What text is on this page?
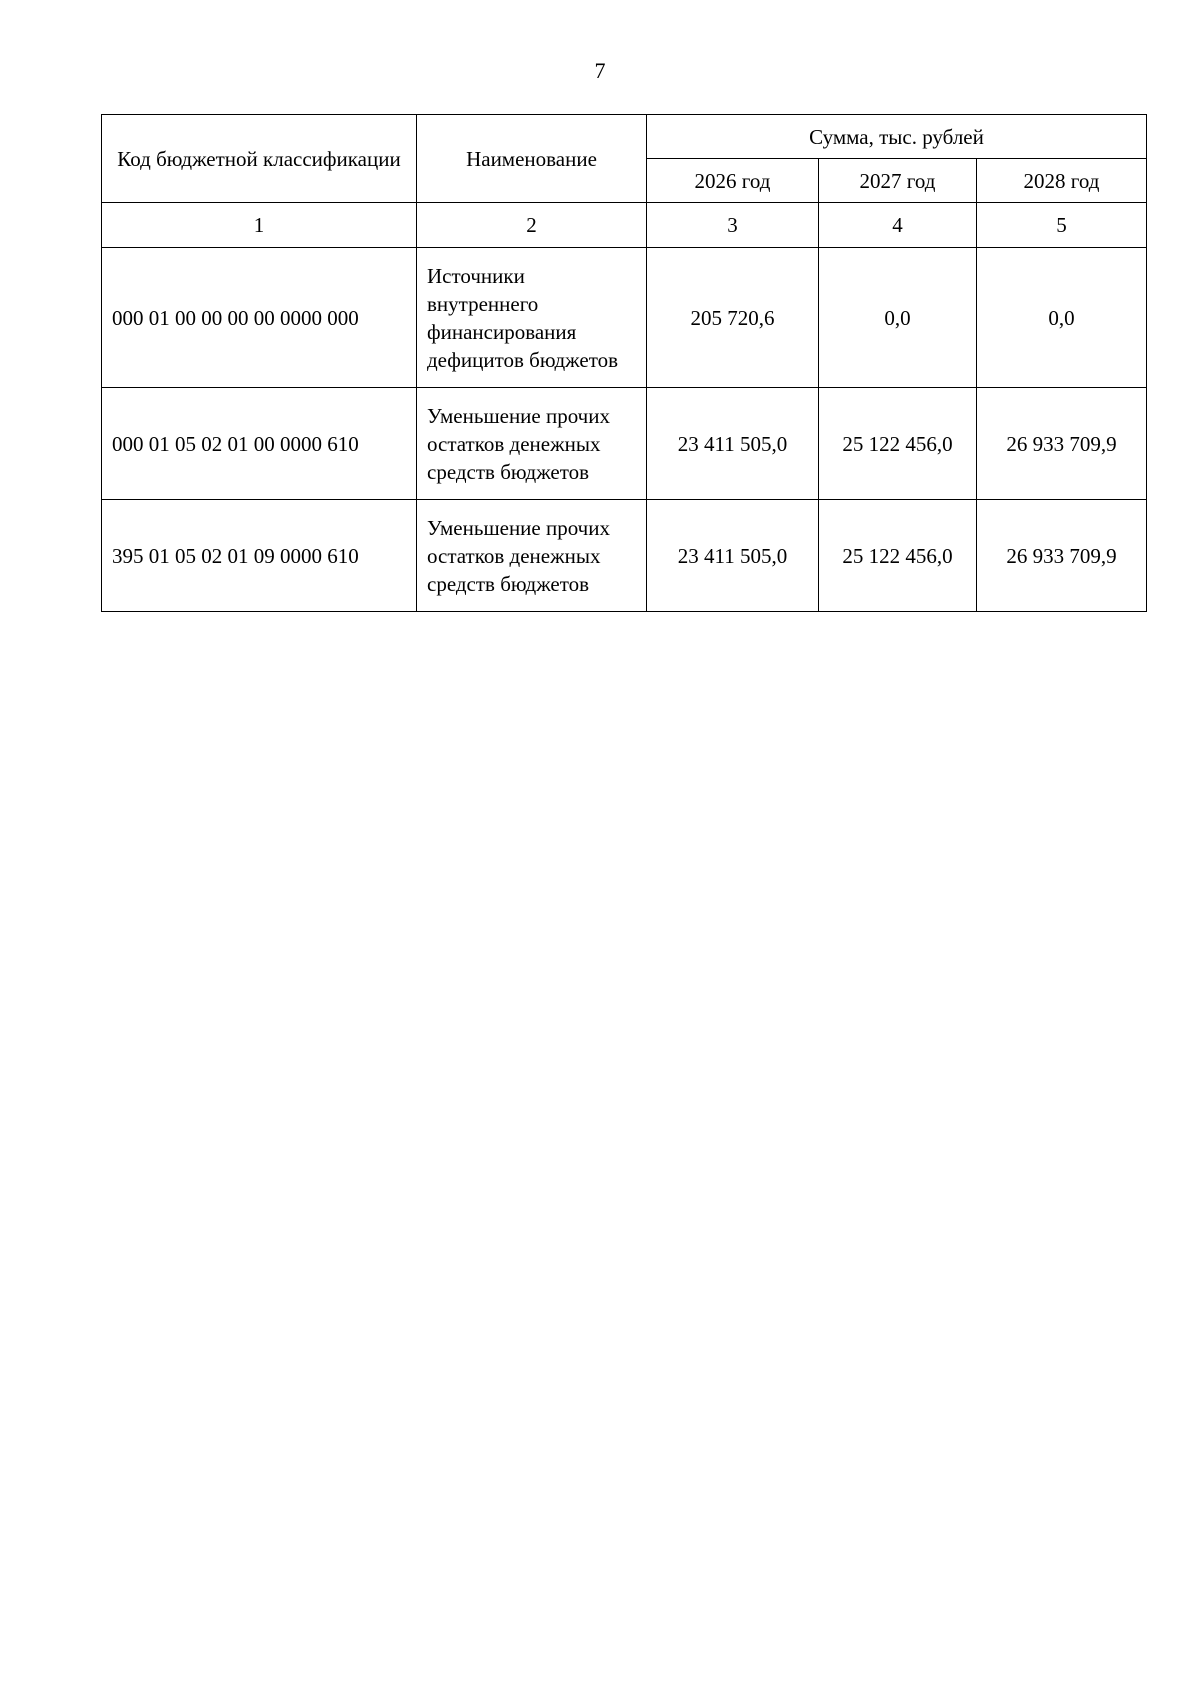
7
Код бюджетной классификации	Наименование	Сумма, тыс. рублей		
		2026 год	2027 год	2028 год
1	2	3	4	5
000 01 00 00 00 00 0000 000	Источники внутреннего финансирования дефицитов бюджетов	205 720,6	0,0	0,0
000 01 05 02 01 00 0000 610	Уменьшение прочих остатков денежных средств бюджетов	23 411 505,0	25 122 456,0	26 933 709,9
395 01 05 02 01 09 0000 610	Уменьшение прочих остатков денежных средств бюджетов	23 411 505,0	25 122 456,0	26 933 709,9
